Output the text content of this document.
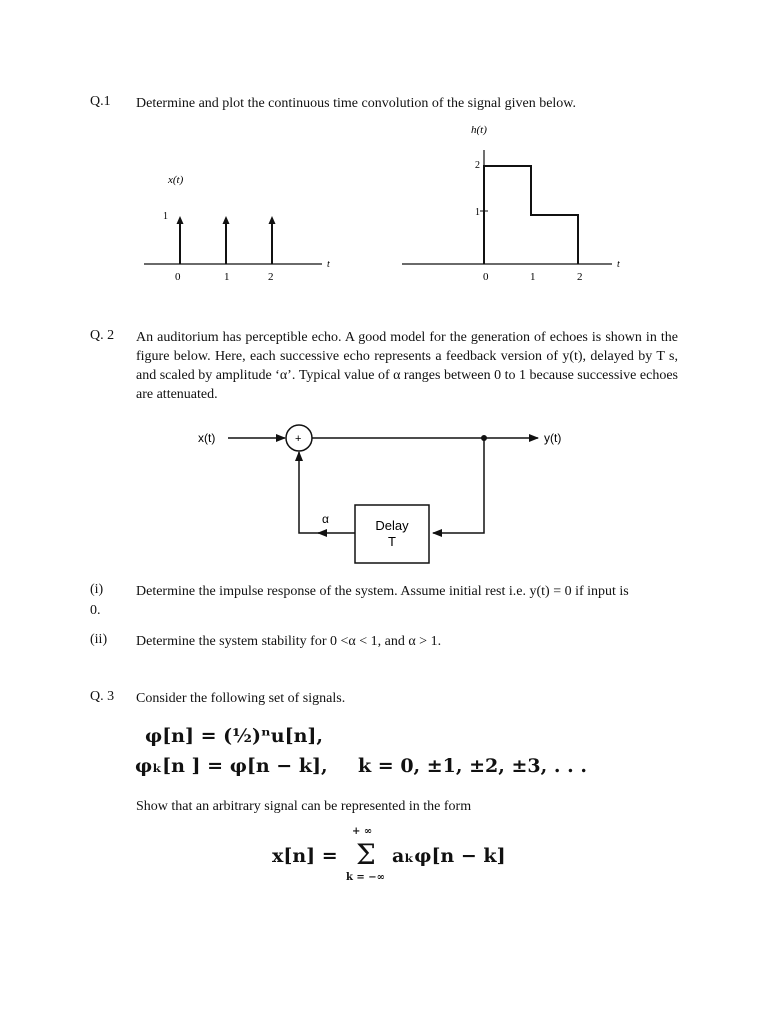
Q.1 Determine and plot the continuous time convolution of the signal given below.
x(t)
1
t
0	1	2
h(t)
1
2
t
0	1	2
+
Delay
T
α
x(t)	y(t)
Q. 2 An auditorium has perceptible echo. A good model for the generation of echoes is shown in the figure below. Here, each successive echo represents a feedback version of y(t), delayed by T s, and scaled by amplitude ‘α’. Typical value of α ranges between 0 to 1 because successive echoes are attenuated.
(i) Determine the impulse response of the system. Assume initial rest i.e. y(t) = 0 if input is
0.
(ii) Determine the system stability for 0 <α < 1, and α > 1.
Q. 3 Consider the following set of signals.
φ[n] = (½)ⁿu[n],
φₖ[n ] = φ[n − k], k = 0, ±1, ±2, ±3, . . .
Show that an arbitrary signal can be represented in the form
x[n] = Σ
+ ∞
k = −∞
aₖφ[n − k]
